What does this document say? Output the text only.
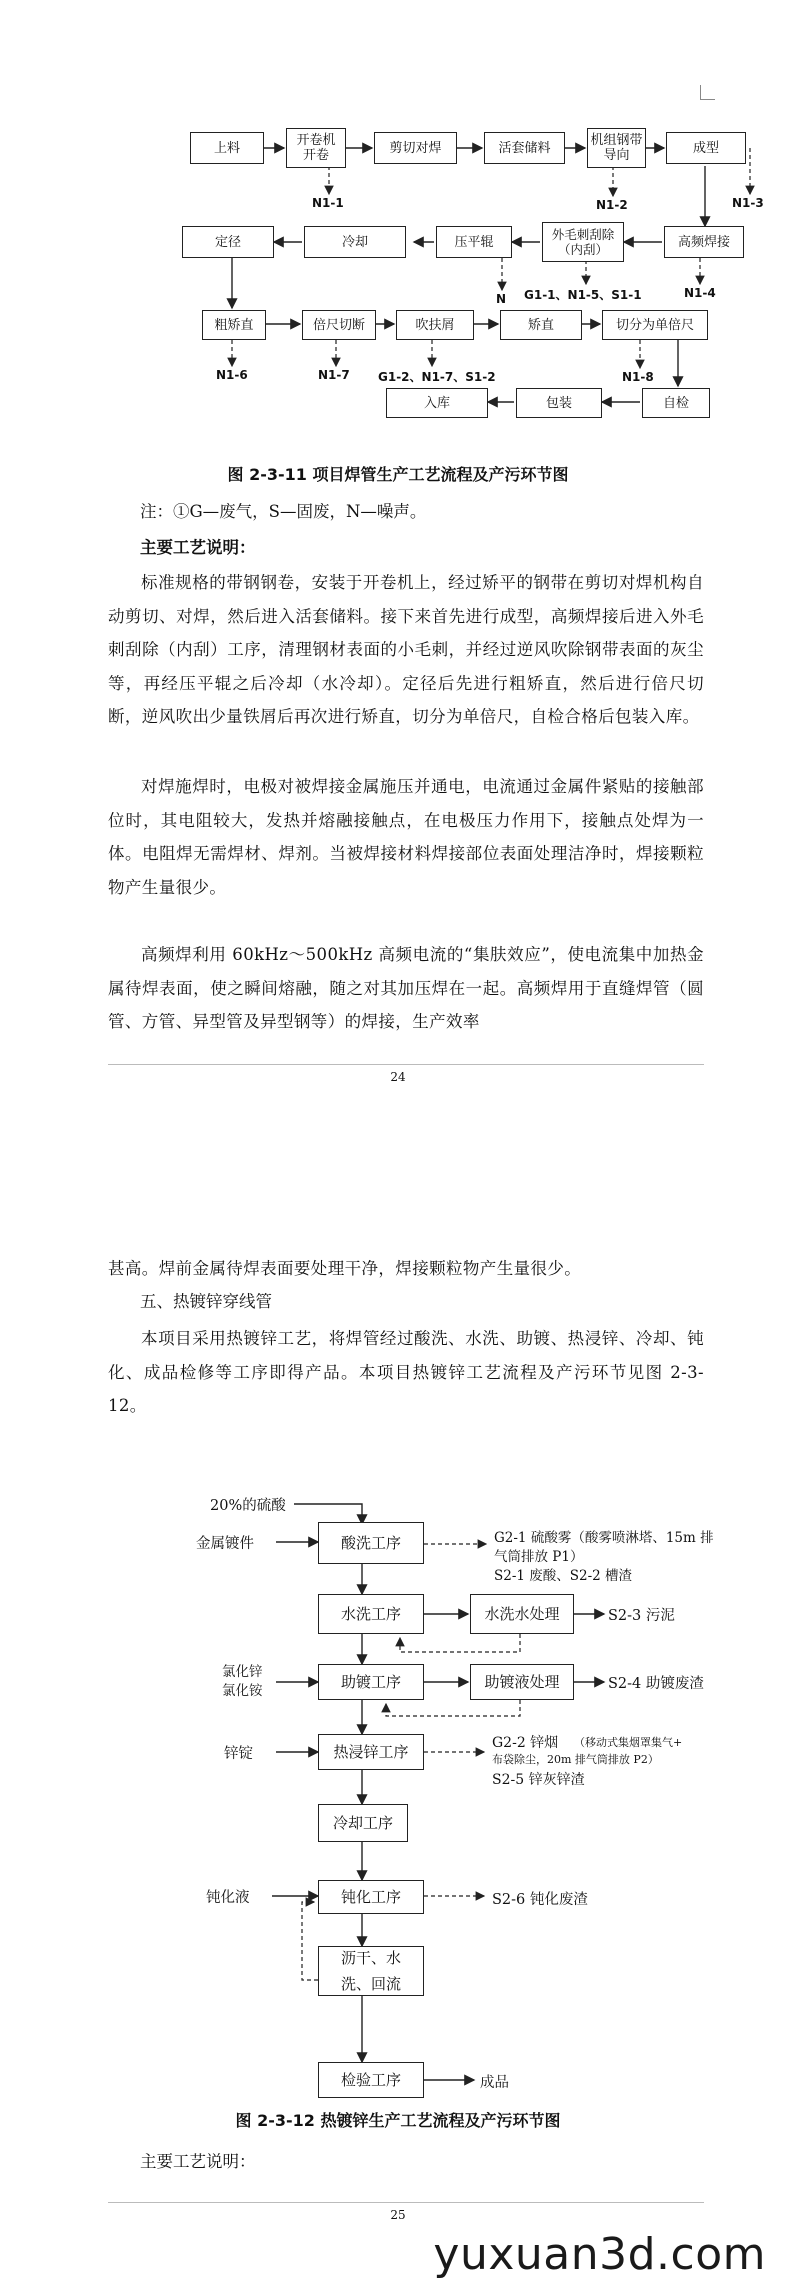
上料	开卷机
开卷	剪切对焊	活套储料	机组钢带
导向	成型
定径	冷却	压平辊	外毛刺刮除
（内刮）	高频焊接
粗矫直	倍尺切断	吹扶屑	矫直	切分为单倍尺
入库	包装	自检
N1-1	N1-2	N1-3
N G1-1、N1-5、S1-1	N1-4
N1-6	N1-7 G1-2、N1-7、S1-2	N1-8
图 2-3-11 项目焊管生产工艺流程及产污环节图
注：①G—废气，S—固废，N—噪声。
主要工艺说明：
标准规格的带钢钢卷，安装于开卷机上，经过矫平的钢带在剪切对焊机构自动剪切、对焊，然后进入活套储料。接下来首先进行成型，高频焊接后进入外毛刺刮除（内刮）工序，清理钢材表面的小毛刺，并经过逆风吹除钢带表面的灰尘等，再经压平辊之后冷却（水冷却）。定径后先进行粗矫直，然后进行倍尺切断，逆风吹出少量铁屑后再次进行矫直，切分为单倍尺，自检合格后包装入库。
对焊施焊时，电极对被焊接金属施压并通电，电流通过金属件紧贴的接触部位时，其电阻较大，发热并熔融接触点，在电极压力作用下，接触点处焊为一体。电阻焊无需焊材、焊剂。当被焊接材料焊接部位表面处理洁净时，焊接颗粒物产生量很少。
高频焊利用 60kHz～500kHz 高频电流的“集肤效应”，使电流集中加热金属待焊表面，使之瞬间熔融，随之对其加压焊在一起。高频焊用于直缝焊管（圆管、方管、异型管及异型钢等）的焊接，生产效率
24
甚高。焊前金属待焊表面要处理干净，焊接颗粒物产生量很少。
五、热镀锌穿线管
本项目采用热镀锌工艺，将焊管经过酸洗、水洗、助镀、热浸锌、冷却、钝化、成品检修等工序即得产品。本项目热镀锌工艺流程及产污环节见图 2-3-12。
20%的硫酸
金属镀件
氯化锌
氯化铵
锌锭
钝化液
酸洗工序
水洗工序
助镀工序
热浸锌工序
冷却工序
钝化工序
沥干、水
洗、回流
检验工序
水洗水处理
助镀液处理
G2-1 硫酸雾（酸雾喷淋塔、15m 排
气筒排放 P1）
S2-1 废酸、S2-2 槽渣
S2-3 污泥
S2-4 助镀废渣
G2-2 锌烟 （移动式集烟罩集气+
布袋除尘，20m 排气筒排放 P2）
S2-5 锌灰锌渣
S2-6 钝化废渣
成品
图 2-3-12 热镀锌生产工艺流程及产污环节图
主要工艺说明：
25
yuxuan3d.com
